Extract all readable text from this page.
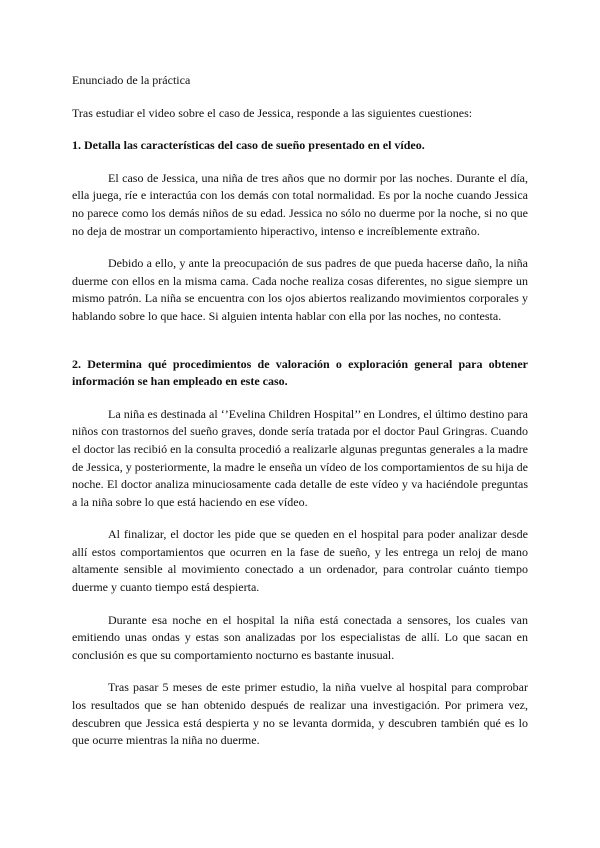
Enunciado de la práctica
Tras estudiar el video sobre el caso de Jessica, responde a las siguientes cuestiones:
1. Detalla las características del caso de sueño presentado en el vídeo.

El caso de Jessica, una niña de tres años que no dormir por las noches. Durante el día, ella juega, ríe e interactúa con los demás con total normalidad. Es por la noche cuando Jessica no parece como los demás niños de su edad. Jessica no sólo no duerme por la noche, si no que no deja de mostrar un comportamiento hiperactivo, intenso e increíblemente extraño.

Debido a ello, y ante la preocupación de sus padres de que pueda hacerse daño, la niña duerme con ellos en la misma cama. Cada noche realiza cosas diferentes, no sigue siempre un mismo patrón. La niña se encuentra con los ojos abiertos realizando movimientos corporales y hablando sobre lo que hace. Si alguien intenta hablar con ella por las noches, no contesta.

2. Determina qué procedimientos de valoración o exploración general para obtener información se han empleado en este caso.

La niña es destinada al ‘’Evelina Children Hospital’’ en Londres, el último destino para niños con trastornos del sueño graves, donde sería tratada por el doctor Paul Gringras. Cuando el doctor las recibió en la consulta procedió a realizarle algunas preguntas generales a la madre de Jessica, y posteriormente, la madre le enseña un vídeo de los comportamientos de su hija de noche. El doctor analiza minuciosamente cada detalle de este vídeo y va haciéndole preguntas a la niña sobre lo que está haciendo en ese vídeo.

Al finalizar, el doctor les pide que se queden en el hospital para poder analizar desde allí estos comportamientos que ocurren en la fase de sueño, y les entrega un reloj de mano altamente sensible al movimiento conectado a un ordenador, para controlar cuánto tiempo duerme y cuanto tiempo está despierta.

Durante esa noche en el hospital la niña está conectada a sensores, los cuales van emitiendo unas ondas y estas son analizadas por los especialistas de allí. Lo que sacan en conclusión es que su comportamiento nocturno es bastante inusual.

Tras pasar 5 meses de este primer estudio, la niña vuelve al hospital para comprobar los resultados que se han obtenido después de realizar una investigación. Por primera vez, descubren que Jessica está despierta y no se levanta dormida, y descubren también qué es lo que ocurre mientras la niña no duerme.
